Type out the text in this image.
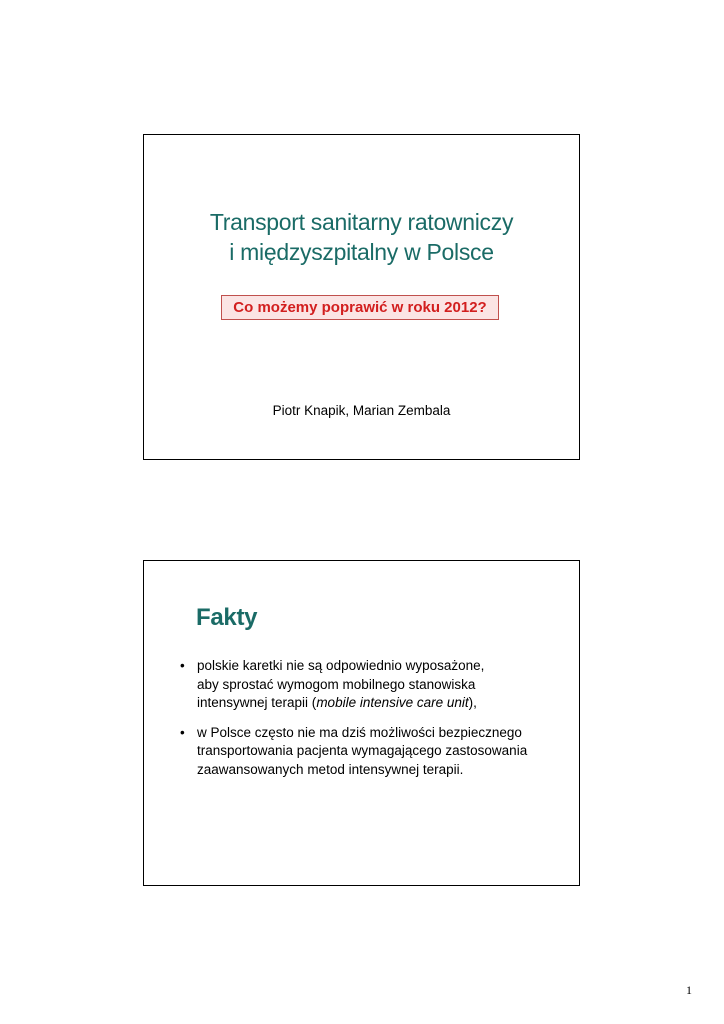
Transport sanitarny ratowniczy
i międzyszpitalny w Polsce
Co możemy poprawić w roku 2012?
Piotr Knapik, Marian Zembala
Fakty
• polskie karetki nie są odpowiednio wyposażone,
aby sprostać wymogom mobilnego stanowiska
intensywnej terapii (mobile intensive care unit),
• w Polsce często nie ma dziś możliwości bezpiecznego
transportowania pacjenta wymagającego zastosowania
zaawansowanych metod intensywnej terapii.
1
